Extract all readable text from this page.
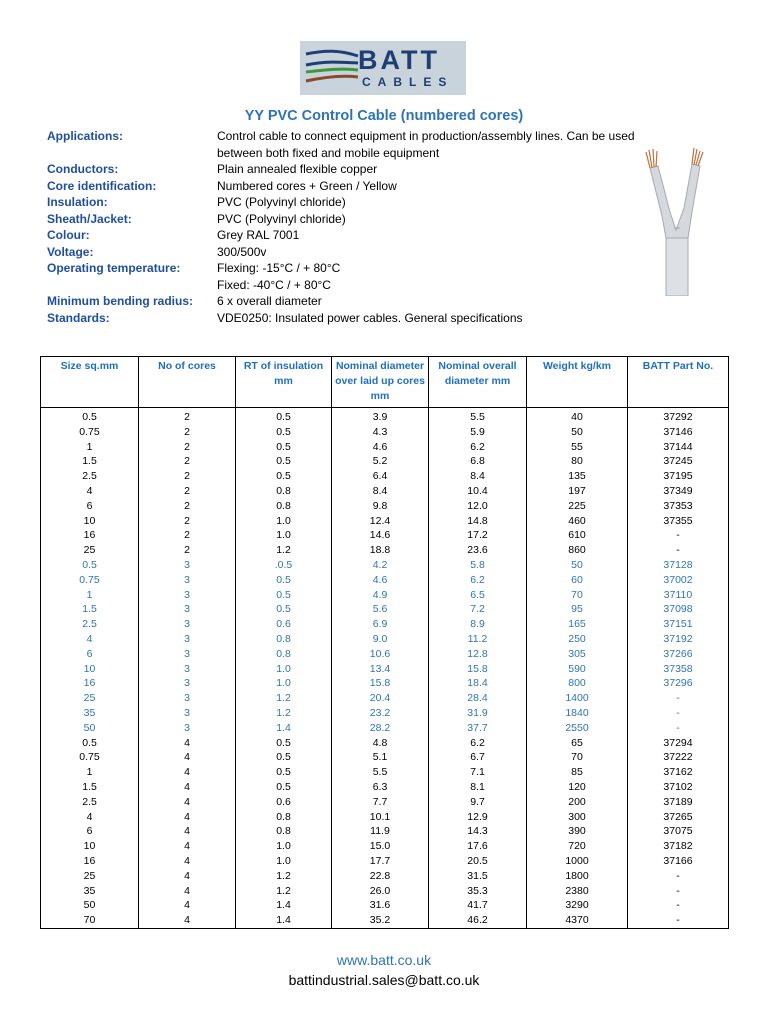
BATT
CABLES
YY PVC Control Cable (numbered cores)
Applications:	Control cable to connect equipment in production/assembly lines. Can be used between both fixed and mobile equipment
Conductors:	Plain annealed flexible copper
Core identification:	Numbered cores + Green / Yellow
Insulation:	PVC (Polyvinyl chloride)
Sheath/Jacket:	PVC (Polyvinyl chloride)
Colour:	Grey RAL 7001
Voltage:	300/500v
Operating temperature:	Flexing: -15°C / + 80°C
Fixed: -40°C / + 80°C
Minimum bending radius:	6 x overall diameter
Standards:	VDE0250: Insulated power cables. General specifications
Size sq.mm	No of cores	RT of insulation mm	Nominal diameter over laid up cores mm	Nominal overall diameter mm	Weight kg/km	BATT Part No.
0.5	2	0.5	3.9	5.5	40	37292
0.75	2	0.5	4.3	5.9	50	37146
1	2	0.5	4.6	6.2	55	37144
1.5	2	0.5	5.2	6.8	80	37245
2.5	2	0.5	6.4	8.4	135	37195
4	2	0.8	8.4	10.4	197	37349
6	2	0.8	9.8	12.0	225	37353
10	2	1.0	12.4	14.8	460	37355
16	2	1.0	14.6	17.2	610	-
25	2	1.2	18.8	23.6	860	-
0.5	3	.0.5	4.2	5.8	50	37128
0.75	3	0.5	4.6	6.2	60	37002
1	3	0.5	4.9	6.5	70	37110
1.5	3	0.5	5.6	7.2	95	37098
2.5	3	0.6	6.9	8.9	165	37151
4	3	0.8	9.0	11.2	250	37192
6	3	0.8	10.6	12.8	305	37266
10	3	1.0	13.4	15.8	590	37358
16	3	1.0	15.8	18.4	800	37296
25	3	1.2	20.4	28.4	1400	-
35	3	1.2	23.2	31.9	1840	-
50	3	1.4	28.2	37.7	2550	-
0.5	4	0.5	4.8	6.2	65	37294
0.75	4	0.5	5.1	6.7	70	37222
1	4	0.5	5.5	7.1	85	37162
1.5	4	0.5	6.3	8.1	120	37102
2.5	4	0.6	7.7	9.7	200	37189
4	4	0.8	10.1	12.9	300	37265
6	4	0.8	11.9	14.3	390	37075
10	4	1.0	15.0	17.6	720	37182
16	4	1.0	17.7	20.5	1000	37166
25	4	1.2	22.8	31.5	1800	-
35	4	1.2	26.0	35.3	2380	-
50	4	1.4	31.6	41.7	3290	-
70	4	1.4	35.2	46.2	4370	-
www.batt.co.uk
battindustrial.sales@batt.co.uk
